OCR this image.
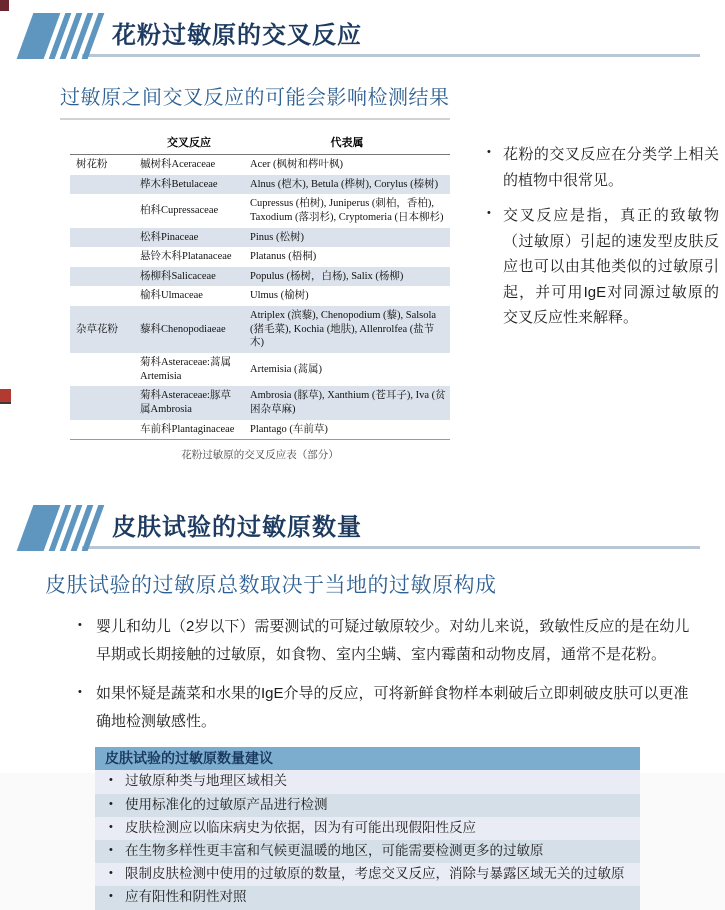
花粉过敏原的交叉反应
过敏原之间交叉反应的可能会影响检测结果
	交叉反应	代表属
树花粉	槭树科Aceraceae	Acer (枫树和梣叶枫)
	桦木科Betulaceae	Alnus (桤木), Betula (桦树), Corylus (榛树)
	柏科Cupressaceae	Cupressus (柏树), Juniperus (刺柏，香柏), Taxodium (落羽杉), Cryptomeria (日本柳杉)
	松科Pinaceae	Pinus (松树)
	悬铃木科Platanaceae	Platanus (梧桐)
	杨柳科Salicaceae	Populus (杨树，白杨), Salix (杨柳)
	榆科Ulmaceae	Ulmus (榆树)
杂草花粉	藜科Chenopodiaeae	Atriplex (滨藜), Chenopodium (藜), Salsola (猪毛菜), Kochia (地肤), Allenrolfea (盐节木)
	菊科Asteraceae:蒿属 Artemisia	Artemisia (蒿属)
	菊科Asteraceae:豚草属Ambrosia	Ambrosia (豚草), Xanthium (苍耳子), Iva (贫困杂草麻)
	车前科Plantaginaceae	Plantago (车前草)
花粉过敏原的交叉反应表（部分）
• 花粉的交叉反应在分类学上相关的植物中很常见。
• 交叉反应是指，真正的致敏物（过敏原）引起的速发型皮肤反应也可以由其他类似的过敏原引起，并可用IgE对同源过敏原的交叉反应性来解释。
皮肤试验的过敏原数量
皮肤试验的过敏原总数取决于当地的过敏原构成
• 婴儿和幼儿（2岁以下）需要测试的可疑过敏原较少。对幼儿来说，致敏性反应的是在幼儿早期或长期接触的过敏原，如食物、室内尘螨、室内霉菌和动物皮屑，通常不是花粉。
• 如果怀疑是蔬菜和水果的IgE介导的反应，可将新鲜食物样本刺破后立即刺破皮肤可以更准确地检测敏感性。
皮肤试验的过敏原数量建议
• 过敏原种类与地理区域相关
• 使用标准化的过敏原产品进行检测
• 皮肤检测应以临床病史为依据，因为有可能出现假阳性反应
• 在生物多样性更丰富和气候更温暖的地区，可能需要检测更多的过敏原
• 限制皮肤检测中使用的过敏原的数量，考虑交叉反应，消除与暴露区域无关的过敏原
• 应有阳性和阴性对照
